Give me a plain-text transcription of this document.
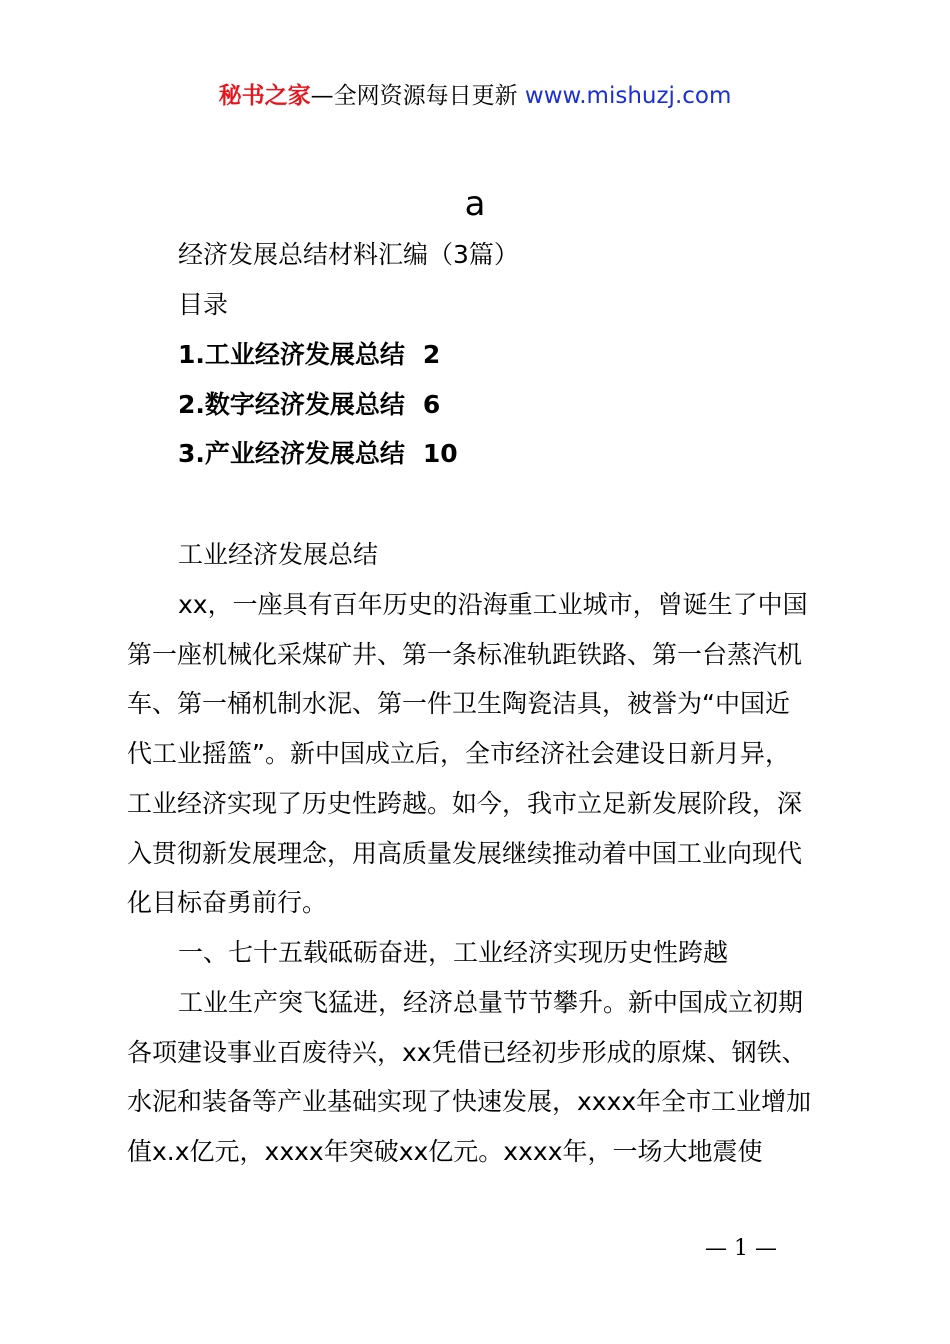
秘书之家—全网资源每日更新 www.mishuzj.com
a
经济发展总结材料汇编（3篇）
目录
1.工业经济发展总结 2
2.数字经济发展总结 6
3.产业经济发展总结 10
工业经济发展总结
xx，一座具有百年历史的沿海重工业城市，曾诞生了中国
第一座机械化采煤矿井、第一条标准轨距铁路、第一台蒸汽机
车、第一桶机制水泥、第一件卫生陶瓷洁具，被誉为“中国近
代工业摇篮”。新中国成立后，全市经济社会建设日新月异，
工业经济实现了历史性跨越。如今，我市立足新发展阶段，深
入贯彻新发展理念，用高质量发展继续推动着中国工业向现代
化目标奋勇前行。
一、七十五载砥砺奋进，工业经济实现历史性跨越
工业生产突飞猛进，经济总量节节攀升。新中国成立初期
各项建设事业百废待兴，xx凭借已经初步形成的原煤、钢铁、
水泥和装备等产业基础实现了快速发展，xxxx年全市工业增加
值x.x亿元，xxxx年突破xx亿元。xxxx年，一场大地震使
— 1 —
